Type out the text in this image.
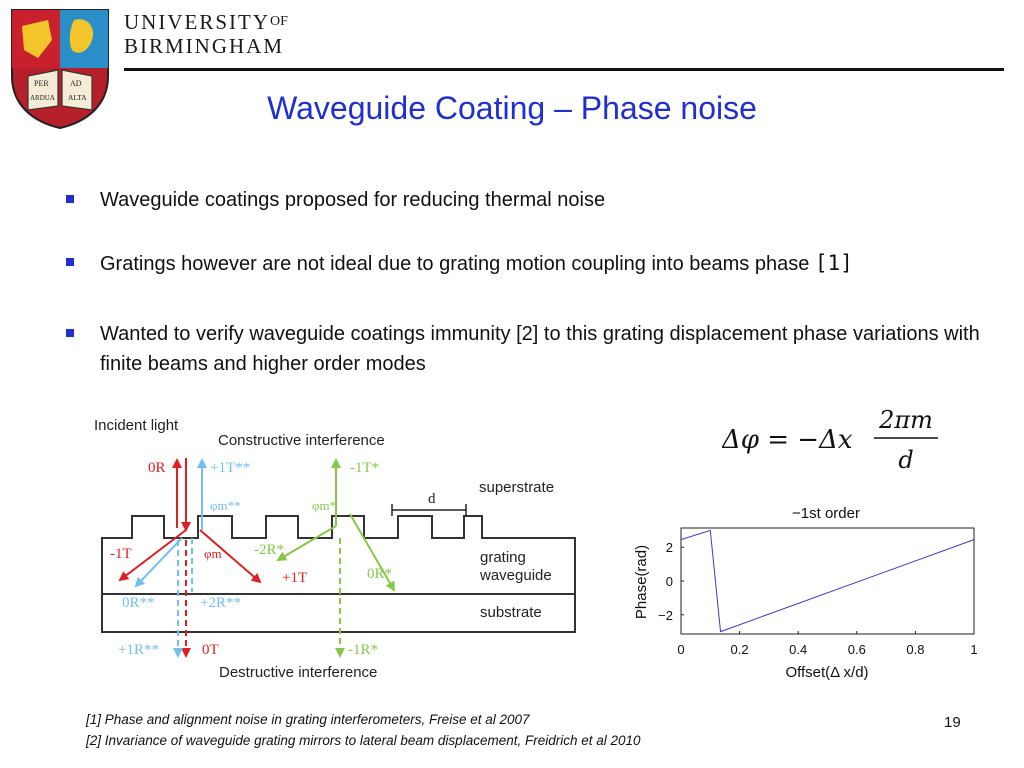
PER	AD
ARDUA ALTA
$UNIVERSITY^{OF}$
BIRMINGHAM
Waveguide Coating – Phase noise
Waveguide coatings proposed for reducing thermal noise
Gratings however are not ideal due to grating motion coupling into beams phase [1]
Wanted to verify waveguide coatings immunity [2] to this grating displacement phase variations with finite beams and higher order modes
Incident light
Constructive interference
Destructive interference
superstrate
grating
waveguide
substrate
d
0R	+1T**	-1T*
φm**	φm*
-1T	φm -2R*
+1T	0R*
0R**	+2R**
+1R**	0T	-1R*
Δφ = −Δx
2πm
d
−1st order
Offset(Δ x/d)
Phase(rad)
0	0.2	0.4	0.6	0.8	1
2
0
−2
[1] Phase and alignment noise in grating interferometers, Freise et al 2007
[2] Invariance of waveguide grating mirrors to lateral beam displacement, Freidrich et al 2010
19
